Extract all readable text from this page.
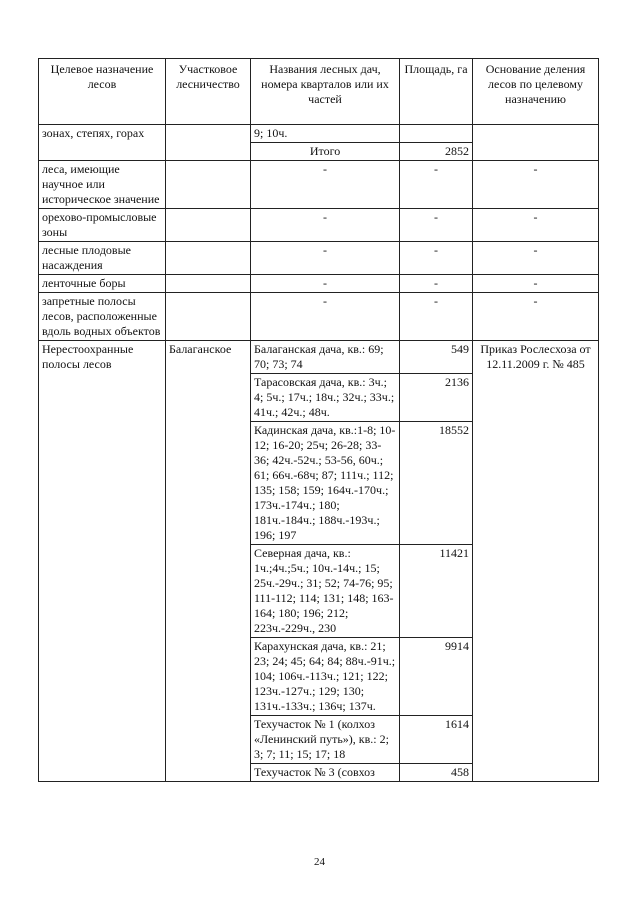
Целевое назначение лесов	Участковое лесничество	Названия лесных дач, номера кварталов или их частей	Площадь, га	Основание деления лесов по целевому назначению
зонах, степях, горах		9; 10ч.		
		Итого	2852	
леса, имеющие научное или историческое значение		-	-	-
орехово-промысловые зоны		-	-	-
лесные плодовые насаждения		-	-	-
ленточные боры		-	-	-
запретные полосы лесов, расположенные вдоль водных объектов		-	-	-
Нерестоохранные полосы лесов	Балаганское	Балаганская дача, кв.: 69; 70; 73; 74	549	Приказ Рослесхоза от 12.11.2009 г. № 485
		Тарасовская дача, кв.: 3ч.; 4; 5ч.; 17ч.; 18ч.; 32ч.; 33ч.; 41ч.; 42ч.; 48ч.	2136	
		Кадинская дача, кв.:1-8; 10-12; 16-20; 25ч; 26-28; 33-36; 42ч.-52ч.; 53-56, 60ч.; 61; 66ч.-68ч; 87; 111ч.; 112; 135; 158; 159; 164ч.-170ч.; 173ч.-174ч.; 180; 181ч.-184ч.; 188ч.-193ч.; 196; 197	18552	
		Северная дача, кв.: 1ч.;4ч.;5ч.; 10ч.-14ч.; 15; 25ч.-29ч.; 31; 52; 74-76; 95; 111-112; 114; 131; 148; 163-164; 180; 196; 212; 223ч.-229ч., 230	11421	
		Карахунская дача, кв.: 21; 23; 24; 45; 64; 84; 88ч.-91ч.; 104; 106ч.-113ч.; 121; 122; 123ч.-127ч.; 129; 130; 131ч.-133ч.; 136ч; 137ч.	9914	
		Техучасток № 1 (колхоз «Ленинский путь»), кв.: 2; 3; 7; 11; 15; 17; 18	1614	
		Техучасток № 3 (совхоз	458	
24
